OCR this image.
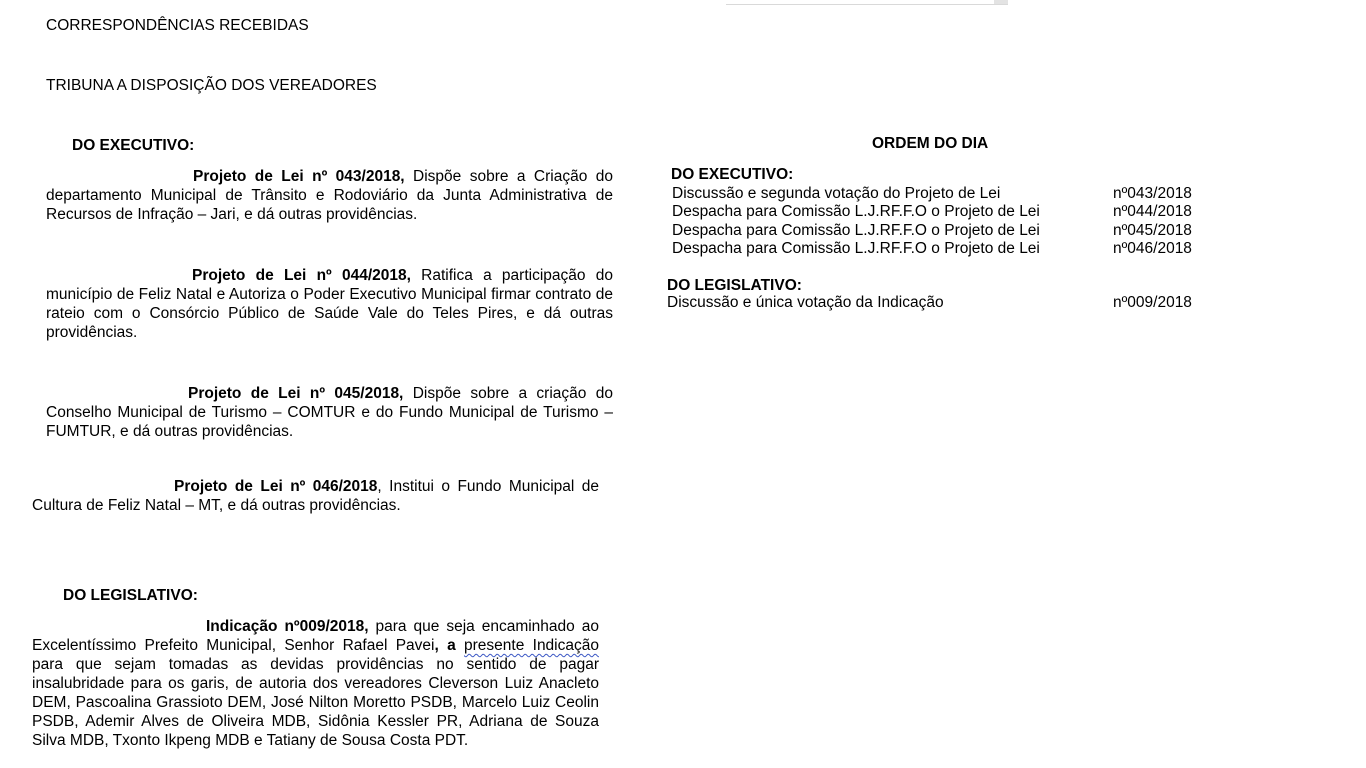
CORRESPONDÊNCIAS RECEBIDAS
TRIBUNA A DISPOSIÇÃO DOS VEREADORES
DO EXECUTIVO:
Projeto de Lei nº 043/2018, Dispõe sobre a Criação do departamento Municipal de Trânsito e Rodoviário da Junta Administrativa de Recursos de Infração – Jari, e dá outras providências.
Projeto de Lei nº 044/2018, Ratifica a participação do município de Feliz Natal e Autoriza o Poder Executivo Municipal firmar contrato de rateio com o Consórcio Público de Saúde Vale do Teles Pires, e dá outras providências.
Projeto de Lei nº 045/2018, Dispõe sobre a criação do Conselho Municipal de Turismo – COMTUR e do Fundo Municipal de Turismo – FUMTUR, e dá outras providências.
Projeto de Lei nº 046/2018, Institui o Fundo Municipal de Cultura de Feliz Natal – MT, e dá outras providências.
DO LEGISLATIVO:
Indicação nº009/2018, para que seja encaminhado ao Excelentíssimo Prefeito Municipal, Senhor Rafael Pavei, a presente Indicação para que sejam tomadas as devidas providências no sentido de pagar insalubridade para os garis, de autoria dos vereadores Cleverson Luiz Anacleto DEM, Pascoalina Grassioto DEM, José Nilton Moretto PSDB, Marcelo Luiz Ceolin PSDB, Ademir Alves de Oliveira MDB, Sidônia Kessler PR, Adriana de Souza Silva MDB, Txonto Ikpeng MDB e Tatiany de Sousa Costa PDT.
ORDEM DO DIA
DO EXECUTIVO:
Discussão e segunda votação do Projeto de Lei	nº043/2018
Despacha para Comissão L.J.RF.F.O o Projeto de Lei	nº044/2018
Despacha para Comissão L.J.RF.F.O o Projeto de Lei	nº045/2018
Despacha para Comissão L.J.RF.F.O o Projeto de Lei	nº046/2018
DO LEGISLATIVO:
Discussão e única votação da Indicação	nº009/2018
